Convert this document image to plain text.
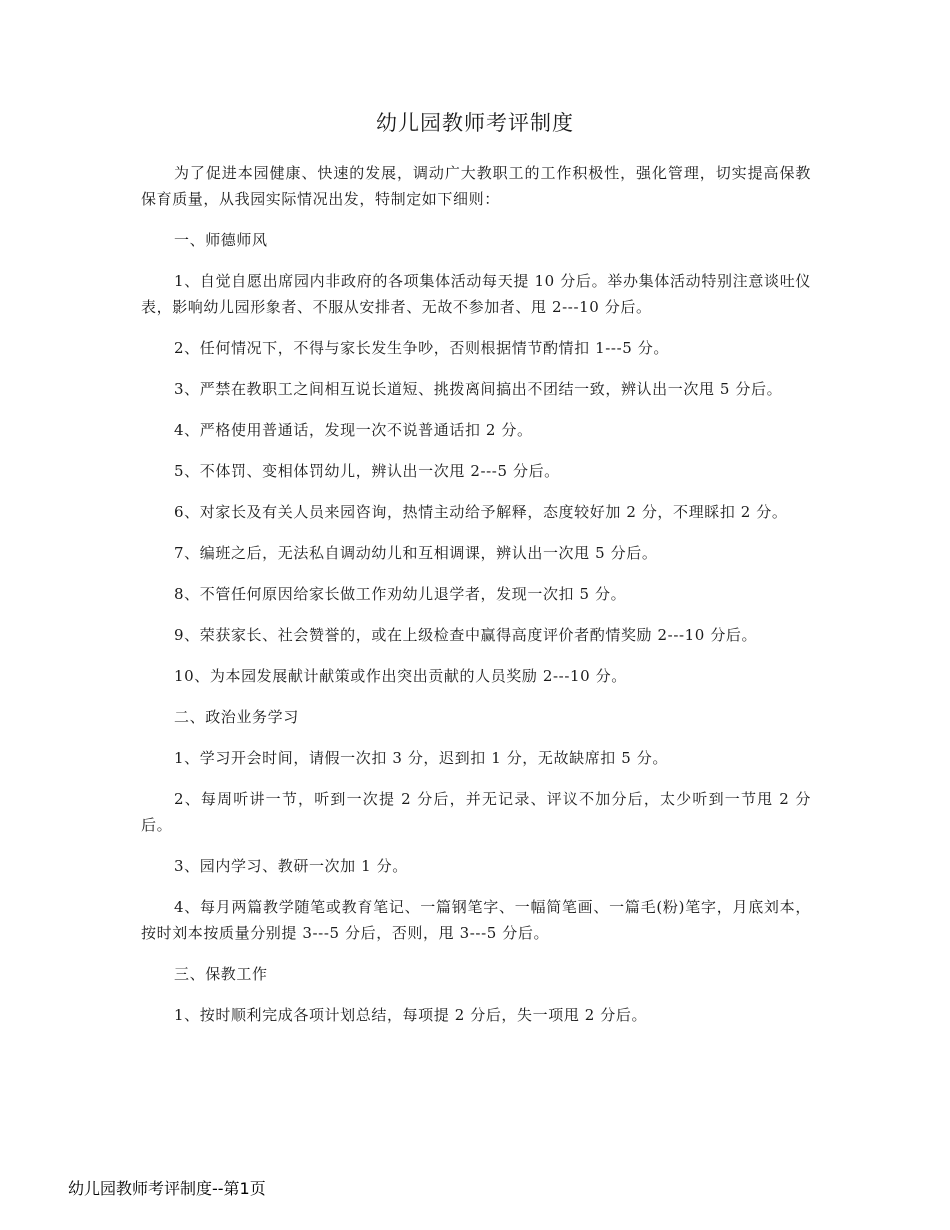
幼儿园教师考评制度

为了促进本园健康、快速的发展，调动广大教职工的工作积极性，强化管理，切实提高保教保育质量，从我园实际情况出发，特制定如下细则：

一、师德师风

1、自觉自愿出席园内非政府的各项集体活动每天提 10 分后。举办集体活动特别注意谈吐仪表，影响幼儿园形象者、不服从安排者、无故不参加者、甩 2---10 分后。

2、任何情况下，不得与家长发生争吵，否则根据情节酌情扣 1---5 分。

3、严禁在教职工之间相互说长道短、挑拨离间搞出不团结一致，辨认出一次甩 5 分后。

4、严格使用普通话，发现一次不说普通话扣 2 分。

5、不体罚、变相体罚幼儿，辨认出一次甩 2---5 分后。

6、对家长及有关人员来园咨询，热情主动给予解释，态度较好加 2 分，不理睬扣 2 分。

7、编班之后，无法私自调动幼儿和互相调课，辨认出一次甩 5 分后。

8、不管任何原因给家长做工作劝幼儿退学者，发现一次扣 5 分。

9、荣获家长、社会赞誉的，或在上级检查中赢得高度评价者酌情奖励 2---10 分后。

10、为本园发展献计献策或作出突出贡献的人员奖励 2---10 分。

二、政治业务学习

1、学习开会时间，请假一次扣 3 分，迟到扣 1 分，无故缺席扣 5 分。

2、每周听讲一节，听到一次提 2 分后，并无记录、评议不加分后，太少听到一节甩 2 分后。

3、园内学习、教研一次加 1 分。

4、每月两篇教学随笔或教育笔记、一篇钢笔字、一幅简笔画、一篇毛(粉)笔字，月底刘本，按时刘本按质量分别提 3---5 分后，否则，甩 3---5 分后。

三、保教工作

1、按时顺利完成各项计划总结，每项提 2 分后，失一项甩 2 分后。

幼儿园教师考评制度--第1页
